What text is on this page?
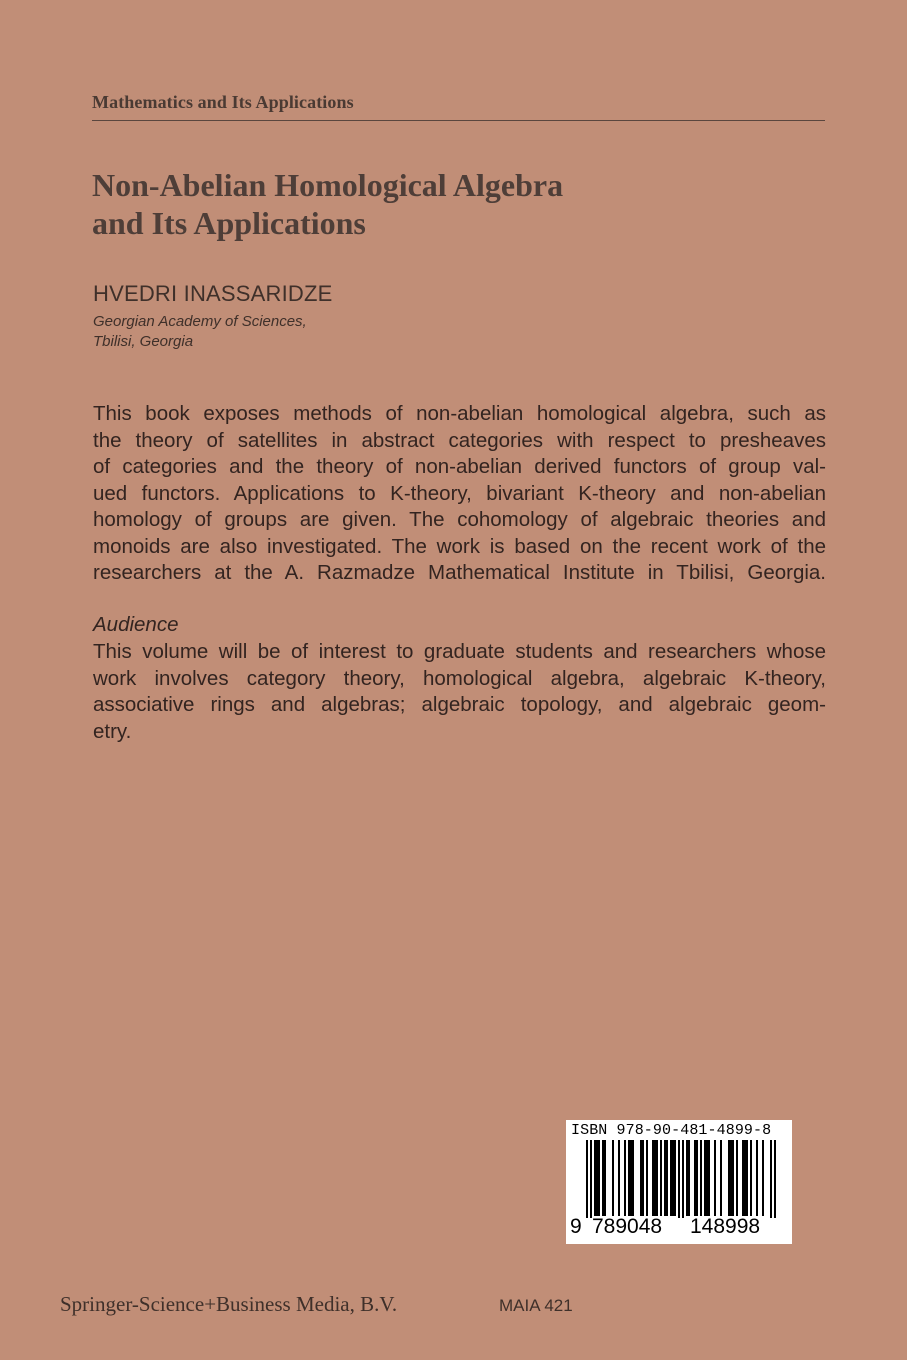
Mathematics and Its Applications
Non-Abelian Homological Algebra
and Its Applications
HVEDRI INASSARIDZE
Georgian Academy of Sciences,
Tbilisi, Georgia
This book exposes methods of non-abelian homological algebra, such as
the theory of satellites in abstract categories with respect to presheaves
of categories and the theory of non-abelian derived functors of group val-
ued functors. Applications to K-theory, bivariant K-theory and non-abelian
homology of groups are given. The cohomology of algebraic theories and
monoids are also investigated. The work is based on the recent work of the
researchers at the A. Razmadze Mathematical Institute in Tbilisi, Georgia.
Audience
This volume will be of interest to graduate students and researchers whose
work involves category theory, homological algebra, algebraic K-theory,
associative rings and algebras; algebraic topology, and algebraic geom-
etry.
ISBN 978-90-481-4899-8
9 789048 148998
Springer-Science+Business Media, B.V.	MAIA 421
